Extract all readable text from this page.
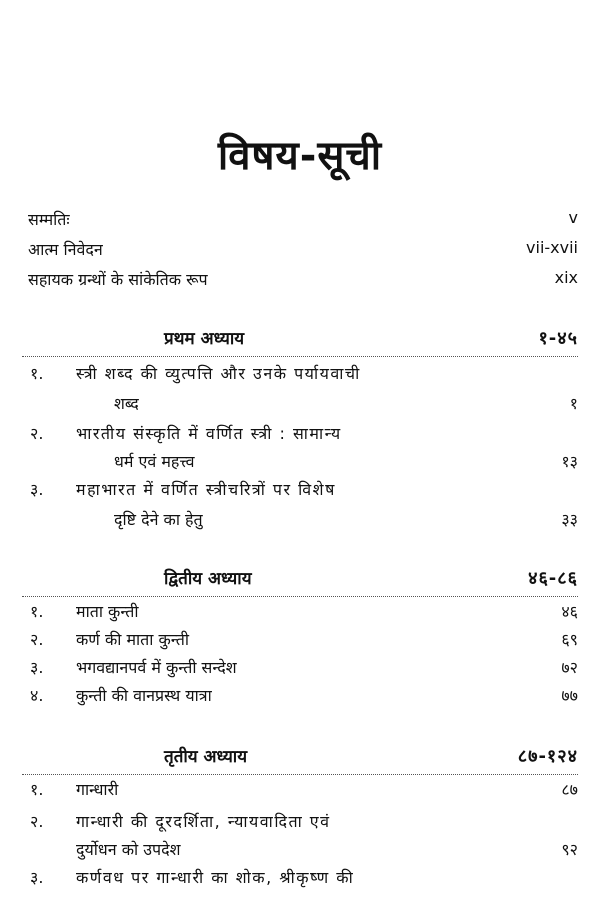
विषय-सूची
सम्मतिः	v
आत्म निवेदन	vii-xvii
सहायक ग्रन्थों के सांकेतिक रूप	xix
प्रथम अध्याय	१-४५
१. स्त्री शब्द की व्युत्पत्ति और उनके पर्यायवाची
शब्द	१
२. भारतीय संस्कृति में वर्णित स्त्री : सामान्य
धर्म एवं महत्त्व	१३
३. महाभारत में वर्णित स्त्रीचरित्रों पर विशेष
दृष्टि देने का हेतु	३३
द्वितीय अध्याय	४६-८६
१. माता कुन्ती	४६
२. कर्ण की माता कुन्ती	६९
३. भगवद्यानपर्व में कुन्ती सन्देश	७२
४. कुन्ती की वानप्रस्थ यात्रा	७७
तृतीय अध्याय	८७-१२४
१. गान्धारी	८७
२. गान्धारी की दूरदर्शिता, न्यायवादिता एवं
दुर्योधन को उपदेश	९२
३. कर्णवध पर गान्धारी का शोक, श्रीकृष्ण की
